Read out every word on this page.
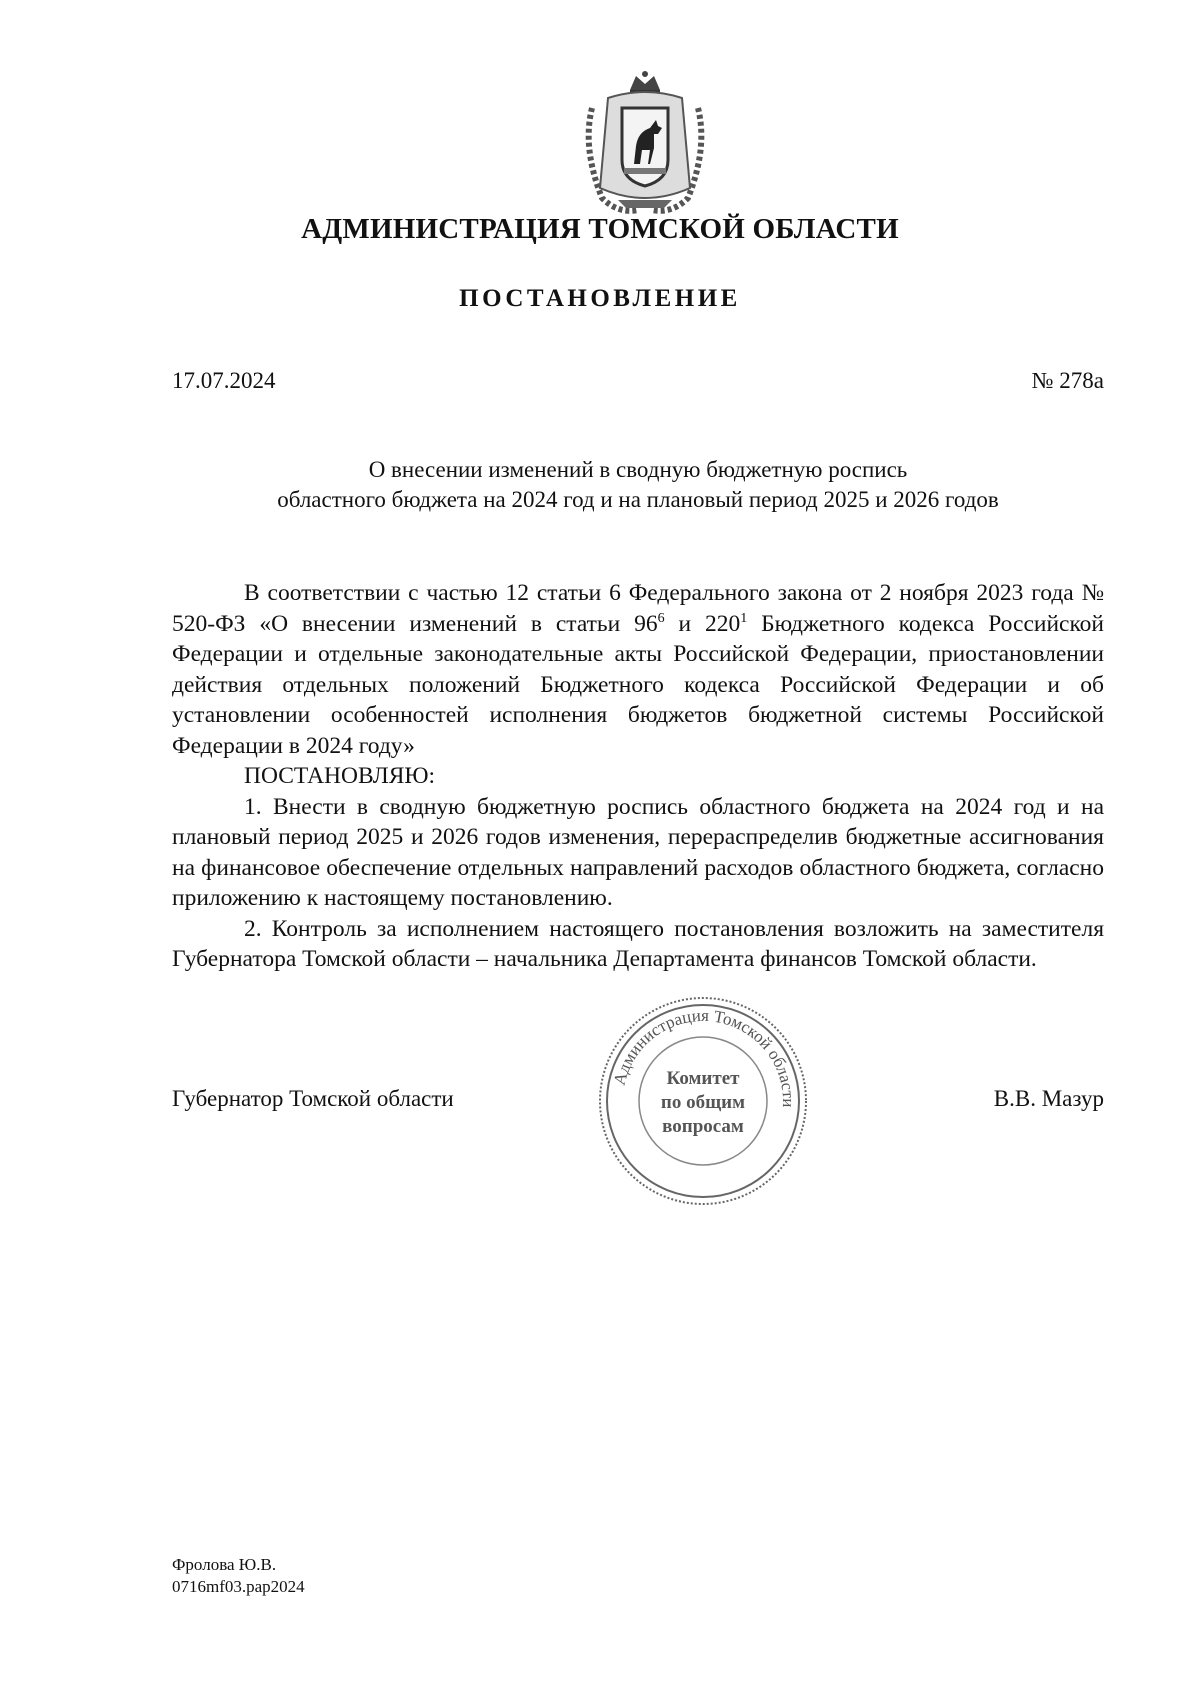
АДМИНИСТРАЦИЯ ТОМСКОЙ ОБЛАСТИ
ПОСТАНОВЛЕНИЕ
17.07.2024	№ 278а
О внесении изменений в сводную бюджетную роспись
областного бюджета на 2024 год и на плановый период 2025 и 2026 годов

В соответствии с частью 12 статьи 6 Федерального закона от 2 ноября 2023 года № 520-ФЗ «О внесении изменений в статьи $96^6$ и $220^1$ Бюджетного кодекса Российской Федерации и отдельные законодательные акты Российской Федерации, приостановлении действия отдельных положений Бюджетного кодекса Российской Федерации и об установлении особенностей исполнения бюджетов бюджетной системы Российской Федерации в 2024 году»

ПОСТАНОВЛЯЮ:

1. Внести в сводную бюджетную роспись областного бюджета на 2024 год и на плановый период 2025 и 2026 годов изменения, перераспределив бюджетные ассигнования на финансовое обеспечение отдельных направлений расходов областного бюджета, согласно приложению к настоящему постановлению.

2. Контроль за исполнением настоящего постановления возложить на заместителя Губернатора Томской области – начальника Департамента финансов Томской области.

Губернатор Томской области	В.В. Мазур
Администрация Томской области
Комитет
по общим
вопросам
Фролова Ю.В.
0716mf03.pap2024
